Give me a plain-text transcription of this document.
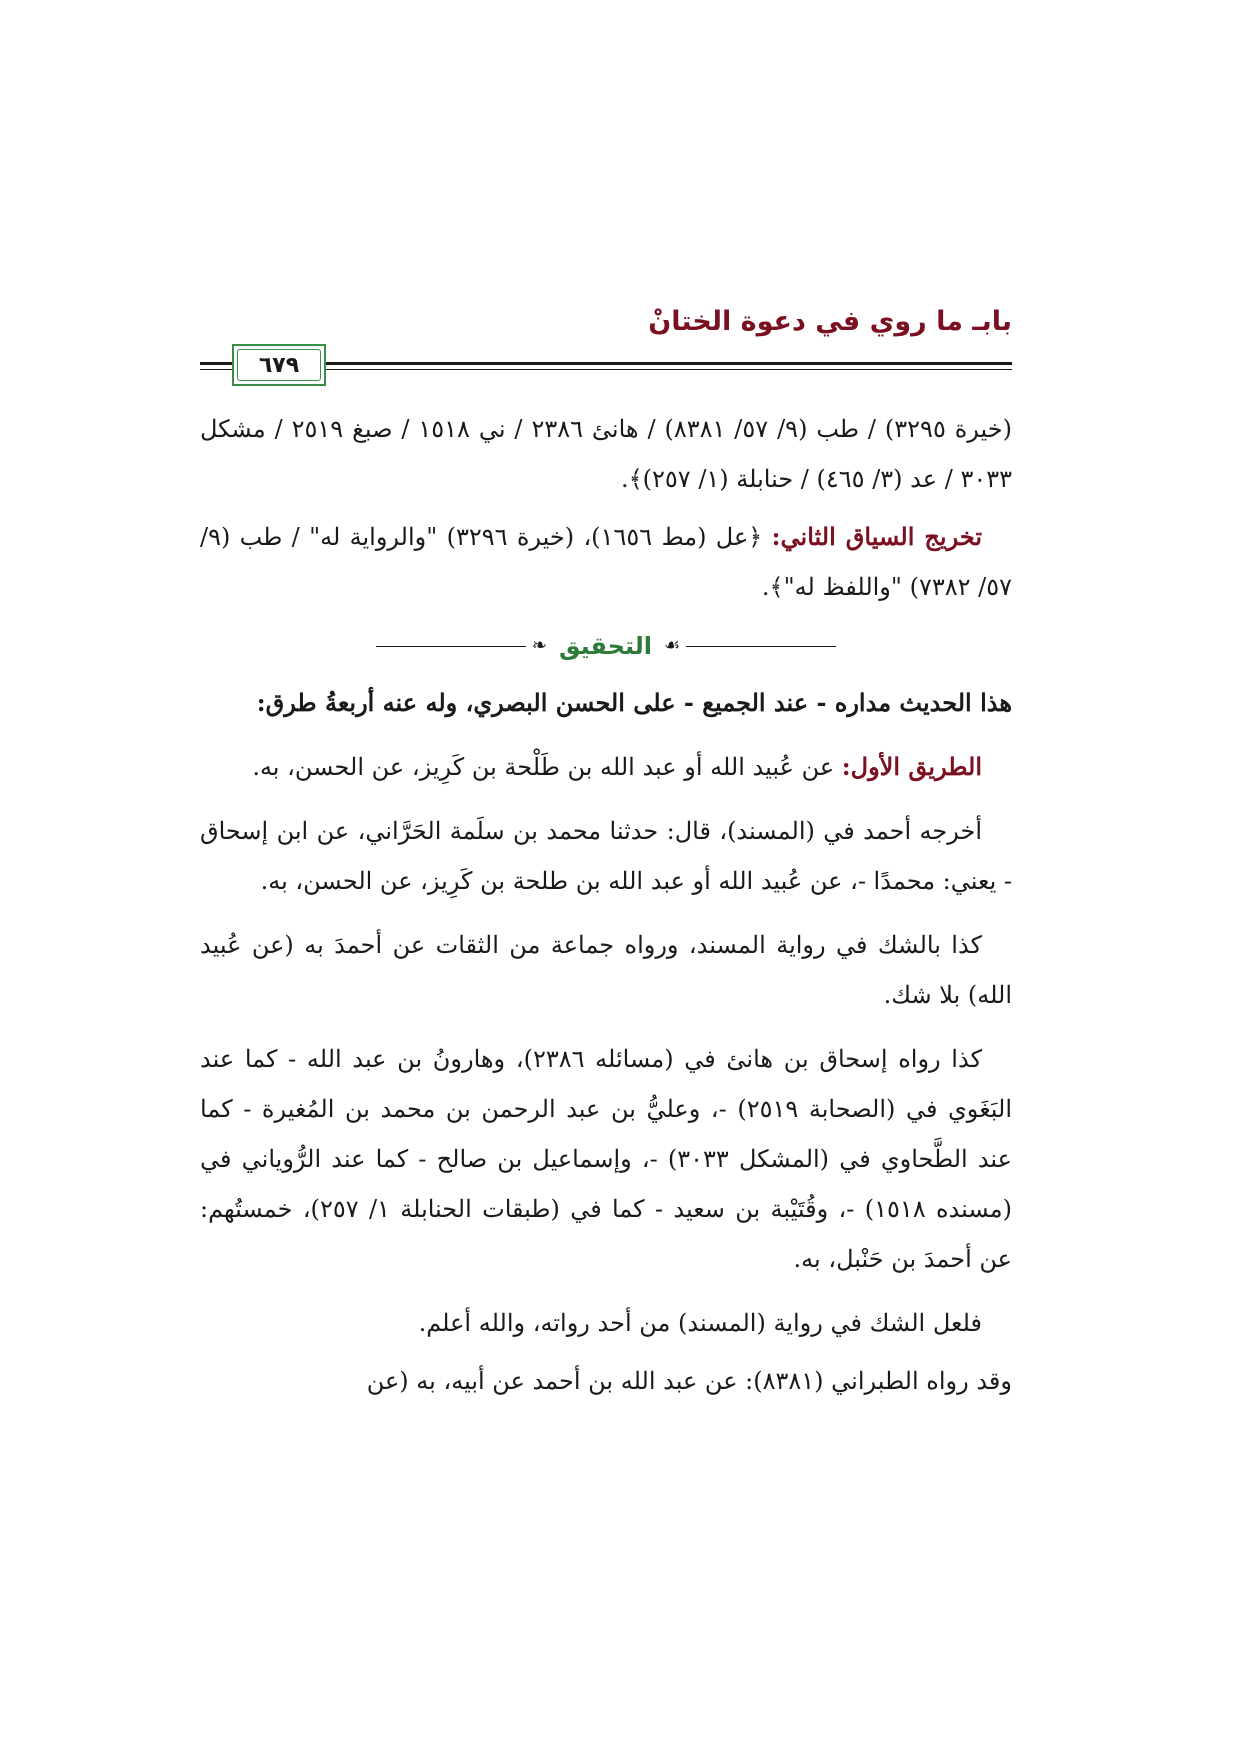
بابـ ما روي في دعوة الختانْ
٦٧٩

(خيرة ٣٢٩٥) / طب (٩/ ٥٧/ ٨٣٨١) / هانئ ٢٣٨٦ / ني ١٥١٨ / صبغ ٢٥١٩ / مشكل ٣٠٣٣ / عد (٣/ ٤٦٥) / حنابلة (١/ ٢٥٧)﴾.

تخريج السياق الثاني: ﴿عل (مط ١٦٥٦)، (خيرة ٣٢٩٦) "والرواية له" / طب (٩/ ٥٧/ ٧٣٨٢) "واللفظ له"﴾.

☙
التحقيق
❧

هذا الحديث مداره - عند الجميع - على الحسن البصري، وله عنه أربعةُ طرق:

الطريق الأول: عن عُبيد الله أو عبد الله بن طَلْحة بن كَرِيز، عن الحسن، به.

أخرجه أحمد في (المسند)، قال: حدثنا محمد بن سلَمة الحَرَّاني، عن ابن إسحاق - يعني: محمدًا -، عن عُبيد الله أو عبد الله بن طلحة بن كَرِيز، عن الحسن، به.

كذا بالشك في رواية المسند، ورواه جماعة من الثقات عن أحمدَ به (عن عُبيد الله) بلا شك.

كذا رواه إسحاق بن هانئ في (مسائله ٢٣٨٦)، وهارونُ بن عبد الله - كما عند البَغَوي في (الصحابة ٢٥١٩) -، وعليُّ بن عبد الرحمن بن محمد بن المُغيرة - كما عند الطَّحاوي في (المشكل ٣٠٣٣) -، وإسماعيل بن صالح - كما عند الرُّوياني في (مسنده ١٥١٨) -، وقُتَيْبة بن سعيد - كما في (طبقات الحنابلة ١/ ٢٥٧)، خمستُهم: عن أحمدَ بن حَنْبل، به.

فلعل الشك في رواية (المسند) من أحد رواته، والله أعلم.

وقد رواه الطبراني (٨٣٨١): عن عبد الله بن أحمد عن أبيه، به (عن
